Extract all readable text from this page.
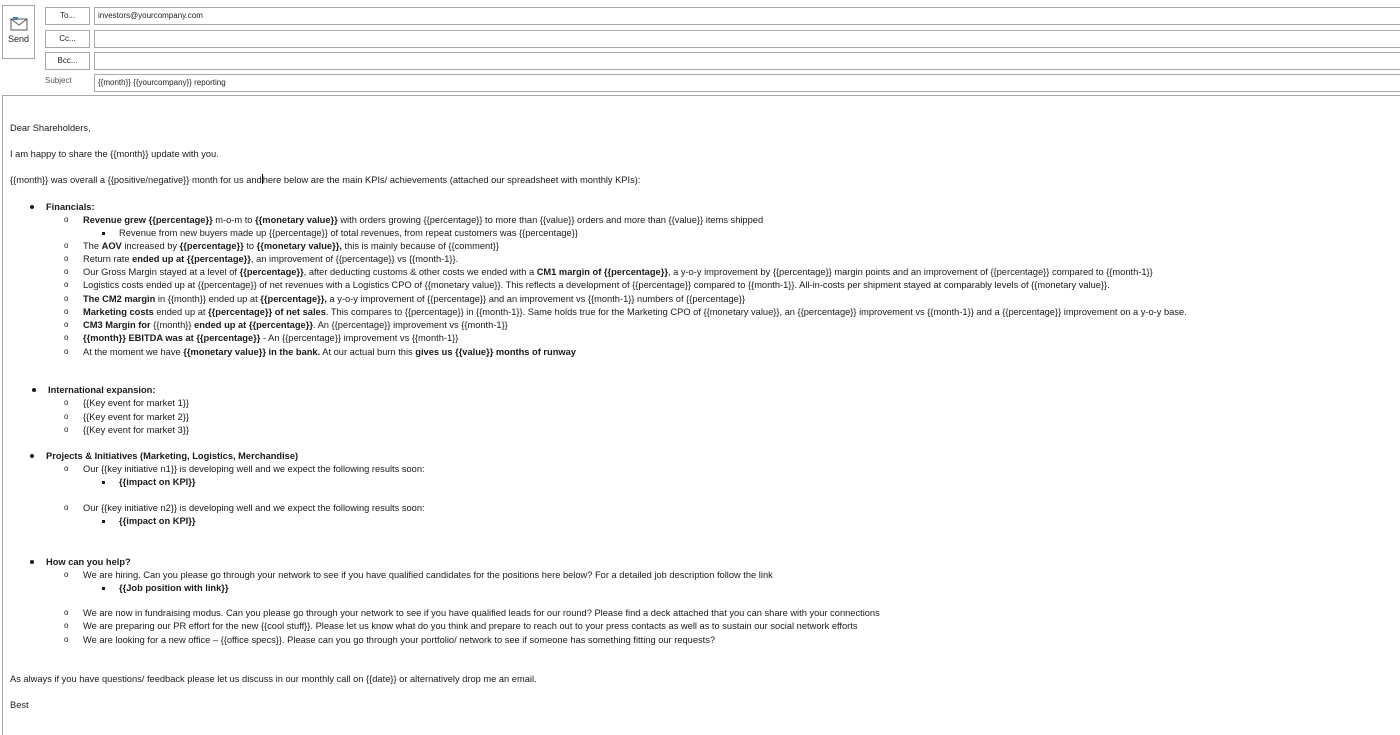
Send
To...	investors@yourcompany.com
Cc...
Bcc...
Subject	{{month}} {{yourcompany}} reporting
Dear Shareholders,
I am happy to share the {{month}} update with you.
{{month}} was overall a {{positive/negative}} month for us andhere below are the main KPIs/ achievements (attached our spreadsheet with monthly KPIs):
Financials:
o Revenue grew {{percentage}} m-o-m to {{monetary value}} with orders growing {{percentage}} to more than {{value}} orders and more than {{value}} items shipped
Revenue from new buyers made up {{percentage}} of total revenues, from repeat customers was {{percentage}}
o The AOV increased by {{percentage}} to {{monetary value}}, this is mainly because of {{comment}}
o Return rate ended up at {{percentage}}, an improvement of {{percentage}} vs {{month-1}}.
o Our Gross Margin stayed at a level of {{percentage}}, after deducting customs & other costs we ended with a CM1 margin of {{percentage}}, a y-o-y improvement by {{percentage}} margin points and an improvement of {{percentage}} compared to {{month-1}}
o Logistics costs ended up at {{percentage}} of net revenues with a Logistics CPO of {{monetary value}}. This reflects a development of {{percentage}} compared to {{month-1}}. All-in-costs per shipment stayed at comparably levels of {{monetary value}}.
o The CM2 margin in {{month}} ended up at {{percentage}}, a y-o-y improvement of {{percentage}} and an improvement vs {{month-1}} numbers of {{percentage}}
o Marketing costs ended up at {{percentage}} of net sales. This compares to {{percentage}} in {{month-1}}. Same holds true for the Marketing CPO of {{monetary value}}, an {{percentage}} improvement vs {{month-1}} and a {{percentage}} improvement on a y-o-y base.
o CM3 Margin for {{month}} ended up at {{percentage}}. An {{percentage}} improvement vs {{month-1}}
o {{month}} EBITDA was at {{percentage}} - An {{percentage}} improvement vs {{month-1}}
o At the moment we have {{monetary value}} in the bank. At our actual burn this gives us {{value}} months of runway
International expansion:
o {{Key event for market 1}}
o {{Key event for market 2}}
o {{Key event for market 3}}
Projects & Initiatives (Marketing, Logistics, Merchandise)
o Our {{key initiative n1}} is developing well and we expect the following results soon:
{{impact on KPI}}
o Our {{key initiative n2}} is developing well and we expect the following results soon:
{{impact on KPI}}
How can you help?
o We are hiring. Can you please go through your network to see if you have qualified candidates for the positions here below? For a detailed job description follow the link
{{Job position with link}}
o We are now in fundraising modus. Can you please go through your network to see if you have qualified leads for our round? Please find a deck attached that you can share with your connections
o We are preparing our PR effort for the new {{cool stuff}}. Please let us know what do you think and prepare to reach out to your press contacts as well as to sustain our social network efforts
o We are looking for a new office – {{office specs}}. Please can you go through your portfolio/ network to see if someone has something fitting our requests?
As always if you have questions/ feedback please let us discuss in our monthly call on {{date}} or alternatively drop me an email.
Best
